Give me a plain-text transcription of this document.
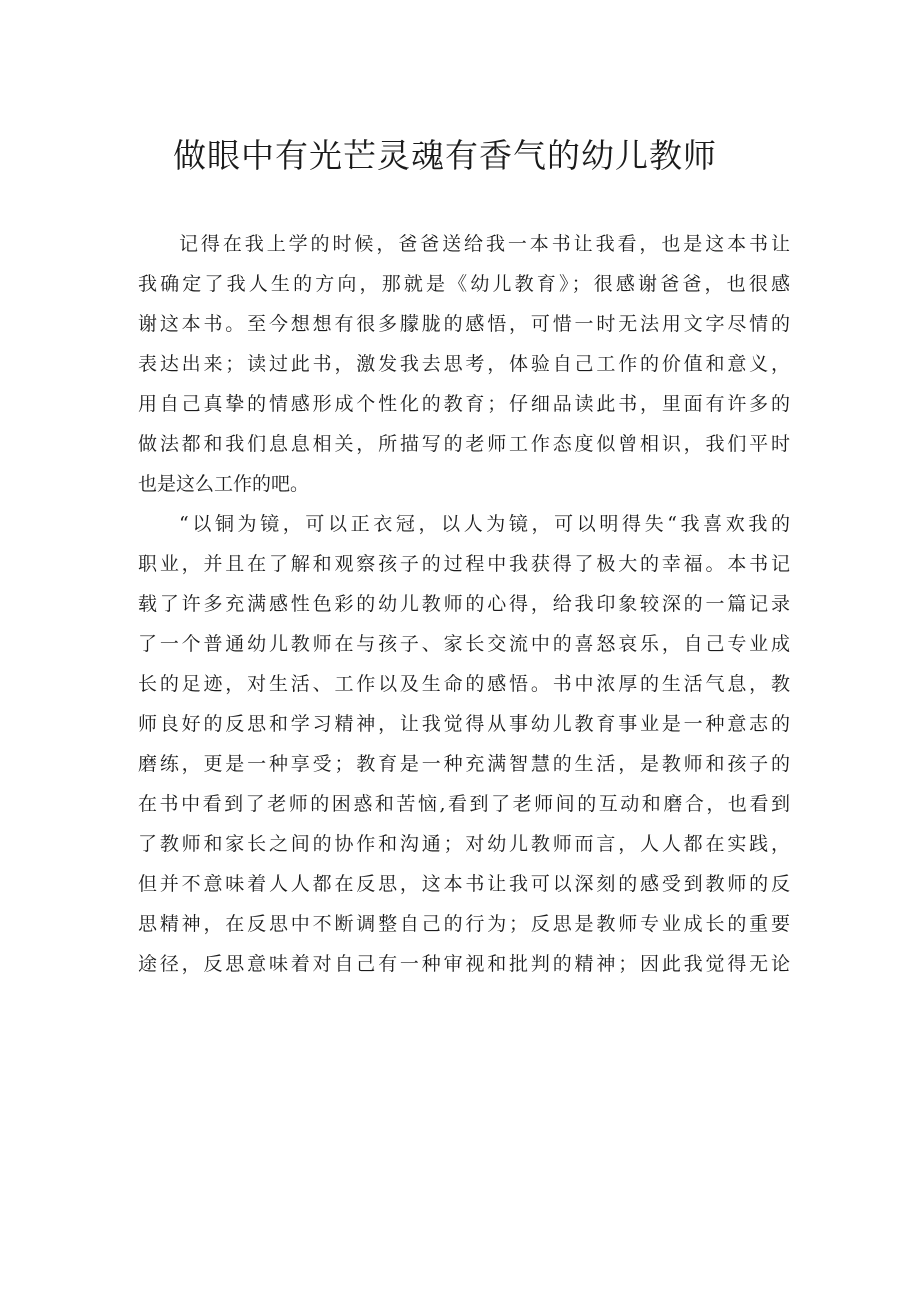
做眼中有光芒灵魂有香气的幼儿教师
记得在我上学的时候，爸爸送给我一本书让我看，也是这本书让
我确定了我人生的方向，那就是《幼儿教育》；很感谢爸爸，也很感
谢这本书。至今想想有很多朦胧的感悟，可惜一时无法用文字尽情的
表达出来；读过此书，激发我去思考，体验自己工作的价值和意义，
用自己真挚的情感形成个性化的教育；仔细品读此书，里面有许多的
做法都和我们息息相关，所描写的老师工作态度似曾相识，我们平时
也是这么工作的吧。
“以铜为镜，可以正衣冠，以人为镜，可以明得失“我喜欢我的
职业，并且在了解和观察孩子的过程中我获得了极大的幸福。本书记
载了许多充满感性色彩的幼儿教师的心得，给我印象较深的一篇记录
了一个普通幼儿教师在与孩子、家长交流中的喜怒哀乐，自己专业成
长的足迹，对生活、工作以及生命的感悟。书中浓厚的生活气息，教
师良好的反思和学习精神，让我觉得从事幼儿教育事业是一种意志的
磨练，更是一种享受；教育是一种充满智慧的生活，是教师和孩子的
在书中看到了老师的困惑和苦恼,看到了老师间的互动和磨合，也看到
了教师和家长之间的协作和沟通；对幼儿教师而言，人人都在实践，
但并不意味着人人都在反思，这本书让我可以深刻的感受到教师的反
思精神，在反思中不断调整自己的行为；反思是教师专业成长的重要
途径，反思意味着对自己有一种审视和批判的精神；因此我觉得无论
